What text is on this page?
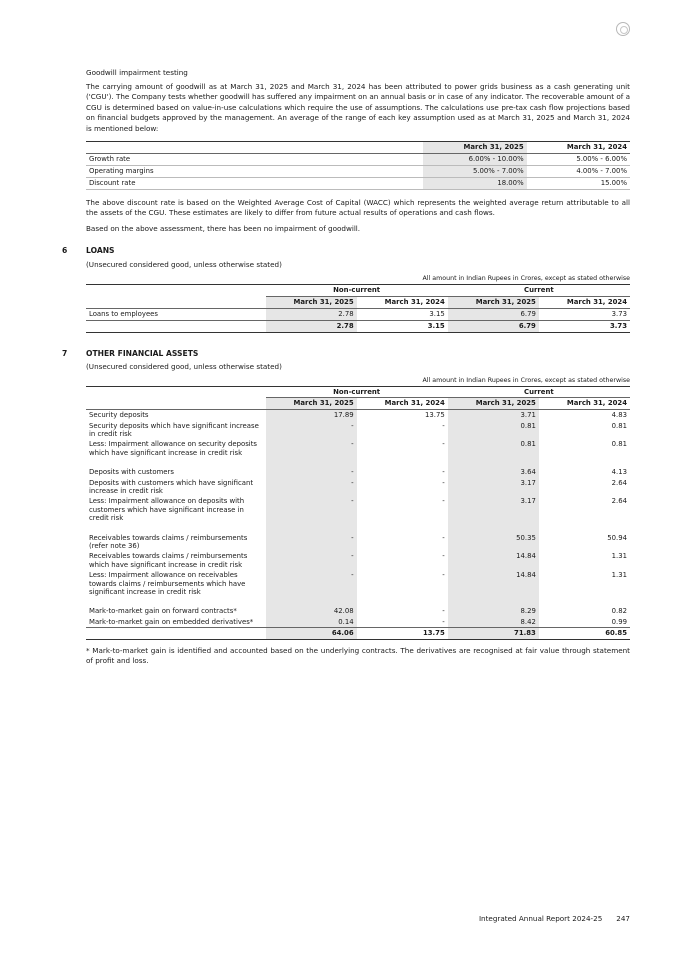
Goodwill impairment testing

The carrying amount of goodwill as at March 31, 2025 and March 31, 2024 has been attributed to power grids business as a cash generating unit ('CGU'). The Company tests whether goodwill has suffered any impairment on an annual basis or in case of any indicator. The recoverable amount of a CGU is determined based on value-in-use calculations which require the use of assumptions. The calculations use pre-tax cash flow projections based on financial budgets approved by the management. An average of the range of each key assumption used as at March 31, 2025 and March 31, 2024 is mentioned below:

	March 31, 2025	March 31, 2024
Growth rate	6.00% - 10.00%	5.00% - 6.00%
Operating margins	5.00% - 7.00%	4.00% - 7.00%
Discount rate	18.00%	15.00%

The above discount rate is based on the Weighted Average Cost of Capital (WACC) which represents the weighted average return attributable to all the assets of the CGU. These estimates are likely to differ from future actual results of operations and cash flows.

Based on the above assessment, there has been no impairment of goodwill.

6 LOANS

(Unsecured considered good, unless otherwise stated)

All amount in Indian Rupees in Crores, except as stated otherwise
	Non-current		Current	
	March 31, 2025	March 31, 2024	March 31, 2025	March 31, 2024
Loans to employees	2.78	3.15	6.79	3.73
	2.78	3.15	6.79	3.73
7 OTHER FINANCIAL ASSETS

(Unsecured considered good, unless otherwise stated)

All amount in Indian Rupees in Crores, except as stated otherwise
	Non-current		Current	
	March 31, 2025	March 31, 2024	March 31, 2025	March 31, 2024
Security deposits	17.89	13.75	3.71	4.83
Security deposits which have significant increase in credit risk	-	-	0.81	0.81
Less: Impairment allowance on security deposits which have significant increase in credit risk	-	-	0.81	0.81

Deposits with customers	-	-	3.64	4.13
Deposits with customers which have significant increase in credit risk	-	-	3.17	2.64
Less: Impairment allowance on deposits with customers which have significant increase in credit risk	-	-	3.17	2.64

Receivables towards claims / reimbursements (refer note 36)	-	-	50.35	50.94
Receivables towards claims / reimbursements which have significant increase in credit risk	-	-	14.84	1.31
Less: Impairment allowance on receivables towards claims / reimbursements which have significant increase in credit risk	-	-	14.84	1.31

Mark-to-market gain on forward contracts*	42.08	-	8.29	0.82
Mark-to-market gain on embedded derivatives*	0.14	-	8.42	0.99
	64.06	13.75	71.83	60.85

* Mark-to-market gain is identified and accounted based on the underlying contracts. The derivatives are recognised at fair value through statement of profit and loss.

Integrated Annual Report 2024-25 247
